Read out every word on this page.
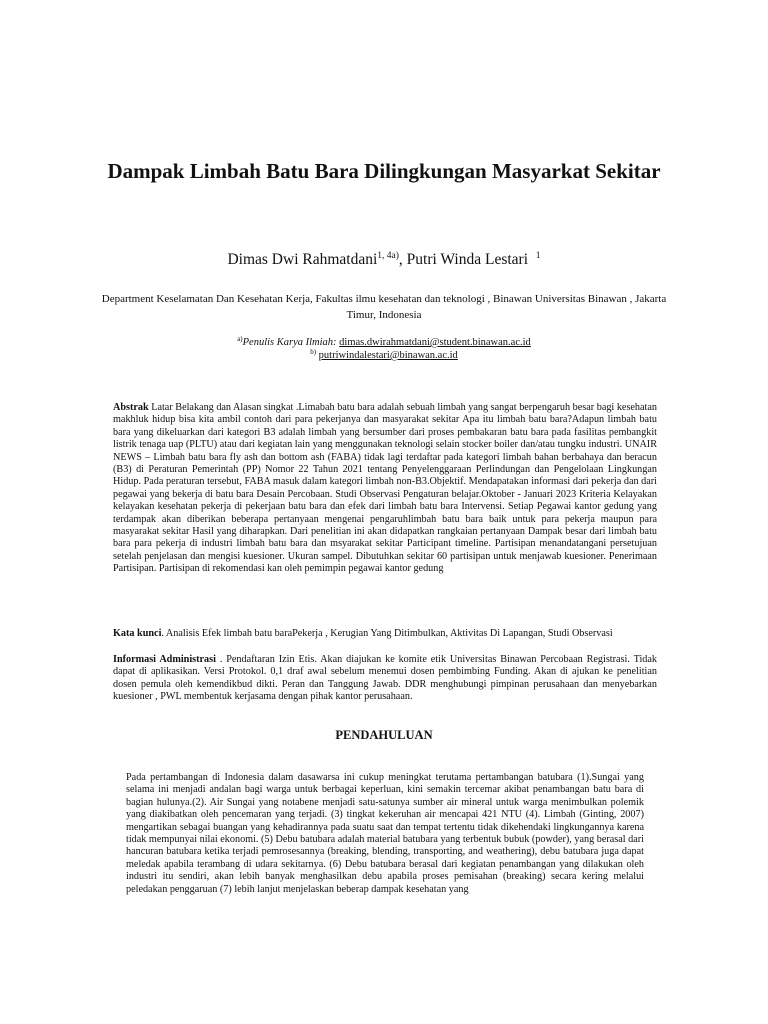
Dampak Limbah Batu Bara Dilingkungan Masyarkat Sekitar
Dimas Dwi Rahmatdani$^{1, 4a)}$, Putri Winda Lestari $^1$
Department Keselamatan Dan Kesehatan Kerja, Fakultas ilmu kesehatan dan teknologi , Binawan Universitas Binawan , Jakarta Timur, Indonesia
$^{a)}$Penulis Karya Ilmiah: dimas.dwirahmatdani@student.binawan.ac.id
$^{b)}$ putriwindalestari@binawan.ac.id
Abstrak Latar Belakang dan Alasan singkat .Limabah batu bara adalah sebuah limbah yang sangat berpengaruh besar bagi kesehatan makhluk hidup bisa kita ambil contoh dari para pekerjanya dan masyarakat sekitar Apa itu limbah batu bara?Adapun limbah batu bara yang dikeluarkan dari kategori B3 adalah limbah yang bersumber dari proses pembakaran batu bara pada fasilitas pembangkit listrik tenaga uap (PLTU) atau dari kegiatan lain yang menggunakan teknologi selain stocker boiler dan/atau tungku industri. UNAIR NEWS – Limbah batu bara fly ash dan bottom ash (FABA) tidak lagi terdaftar pada kategori limbah bahan berbahaya dan beracun (B3) di Peraturan Pemerintah (PP) Nomor 22 Tahun 2021 tentang Penyelenggaraan Perlindungan dan Pengelolaan Lingkungan Hidup. Pada peraturan tersebut, FABA masuk dalam kategori limbah non-B3.Objektif. Mendapatakan informasi dari pekerja dan dari pegawai yang bekerja di batu bara Desain Percobaan. Studi Observasi Pengaturan belajar.Oktober - Januari 2023 Kriteria Kelayakan kelayakan kesehatan pekerja di pekerjaan batu bara dan efek dari limbah batu bara Intervensi. Setiap Pegawai kantor gedung yang terdampak akan diberikan beberapa pertanyaan mengenai pengaruhlimbah batu bara baik untuk para pekerja maupun para masyarakat sekitar Hasil yang diharapkan. Dari penelitian ini akan didapatkan rangkaian pertanyaan Dampak besar dari limbah batu bara para pekerja di industri limbah batu bara dan msyarakat sekitar Participant timeline. Partisipan menandatangani persetujuan setelah penjelasan dan mengisi kuesioner. Ukuran sampel. Dibutuhkan sekitar 60 partisipan untuk menjawab kuesioner. Penerimaan Partisipan. Partisipan di rekomendasi kan oleh pemimpin pegawai kantor gedung
Kata kunci. Analisis Efek limbah batu baraPekerja , Kerugian Yang Ditimbulkan, Aktivitas Di Lapangan, Studi Observasi
Informasi Administrasi . Pendaftaran Izin Etis. Akan diajukan ke komite etik Universitas Binawan Percobaan Registrasi. Tidak dapat di aplikasikan. Versi Protokol. 0,1 draf awal sebelum menemui dosen pembimbing Funding. Akan di ajukan ke penelitian dosen pemula oleh kemendikbud dikti. Peran dan Tanggung Jawab. DDR menghubungi pimpinan perusahaan dan menyebarkan kuesioner , PWL membentuk kerjasama dengan pihak kantor perusahaan.
PENDAHULUAN
Pada pertambangan di Indonesia dalam dasawarsa ini cukup meningkat terutama pertambangan batubara (1).Sungai yang selama ini menjadi andalan bagi warga untuk berbagai keperluan, kini semakin tercemar akibat penambangan batu bara di bagian hulunya.(2). Air Sungai yang notabene menjadi satu-satunya sumber air mineral untuk warga menimbulkan polemik yang diakibatkan oleh pencemaran yang terjadi. (3) tingkat kekeruhan air mencapai 421 NTU (4). Limbah (Ginting, 2007) mengartikan sebagai buangan yang kehadirannya pada suatu saat dan tempat tertentu tidak dikehendaki lingkungannya karena tidak mempunyai nilai ekonomi. (5) Debu batubara adalah material batubara yang terbentuk bubuk (powder), yang berasal dari hancuran batubara ketika terjadi pemrosesannya (breaking, blending, transporting, and weathering), debu batubara juga dapat meledak apabila terambang di udara sekitarnya. (6) Debu batubara berasal dari kegiatan penambangan yang dilakukan oleh industri itu sendiri, akan lebih banyak menghasilkan debu apabila proses pemisahan (breaking) secara kering melalui peledakan penggaruan (7) lebih lanjut menjelaskan beberap dampak kesehatan yang
